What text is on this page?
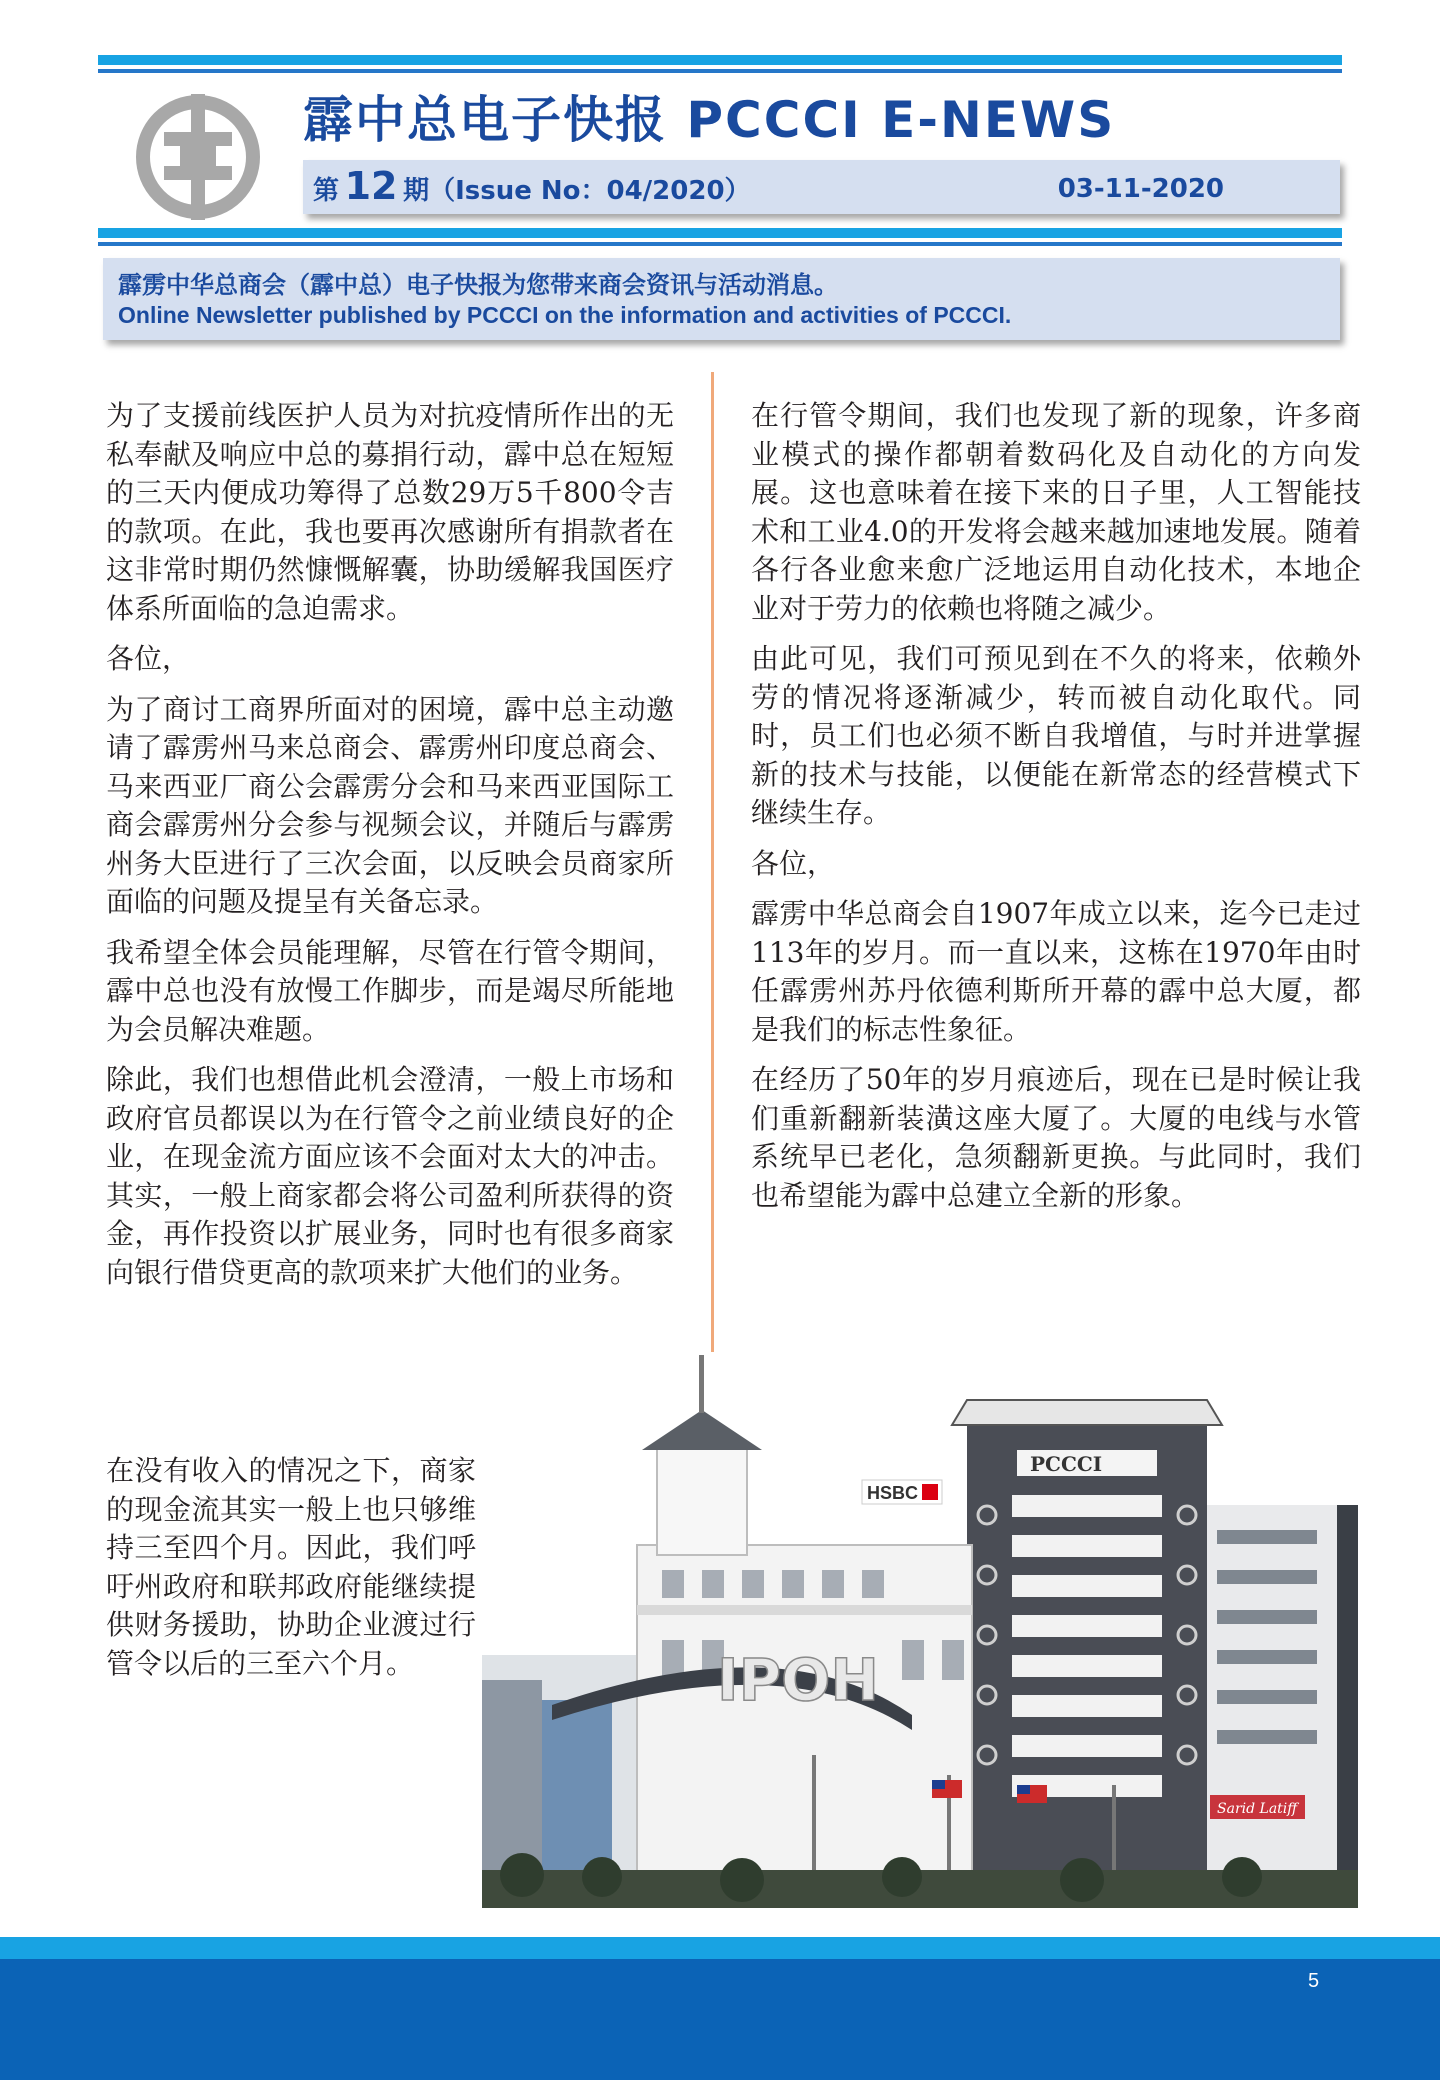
霹中总电子快报 PCCCI E-NEWS
第 12 期（Issue No：04/2020）	03-11-2020
霹雳中华总商会（霹中总）电子快报为您带来商会资讯与活动消息。
Online Newsletter published by PCCCI on the information and activities of PCCCI.

为了支援前线医护人员为对抗疫情所作出的无私奉献及响应中总的募捐行动，霹中总在短短的三天内便成功筹得了总数29万5千800令吉的款项。在此，我也要再次感谢所有捐款者在这非常时期仍然慷慨解囊，协助缓解我国医疗体系所面临的急迫需求。

各位，

为了商讨工商界所面对的困境，霹中总主动邀请了霹雳州马来总商会、霹雳州印度总商会、马来西亚厂商公会霹雳分会和马来西亚国际工商会霹雳州分会参与视频会议，并随后与霹雳州务大臣进行了三次会面，以反映会员商家所面临的问题及提呈有关备忘录。

我希望全体会员能理解，尽管在行管令期间，霹中总也没有放慢工作脚步，而是竭尽所能地为会员解决难题。

除此，我们也想借此机会澄清，一般上市场和政府官员都误以为在行管令之前业绩良好的企业，在现金流方面应该不会面对太大的冲击。其实，一般上商家都会将公司盈利所获得的资金，再作投资以扩展业务，同时也有很多商家向银行借贷更高的款项来扩大他们的业务。

在没有收入的情况之下，商家的现金流其实一般上也只够维持三至四个月。因此，我们呼吁州政府和联邦政府能继续提供财务援助，协助企业渡过行管令以后的三至六个月。

在行管令期间，我们也发现了新的现象，许多商业模式的操作都朝着数码化及自动化的方向发展。这也意味着在接下来的日子里，人工智能技术和工业4.0的开发将会越来越加速地发展。随着各行各业愈来愈广泛地运用自动化技术，本地企业对于劳力的依赖也将随之减少。

由此可见，我们可预见到在不久的将来，依赖外劳的情况将逐渐减少，转而被自动化取代。同时，员工们也必须不断自我增值，与时并进掌握新的技术与技能，以便能在新常态的经营模式下继续生存。

各位，

霹雳中华总商会自1907年成立以来，迄今已走过113年的岁月。而一直以来，这栋在1970年由时任霹雳州苏丹依德利斯所开幕的霹中总大厦，都是我们的标志性象征。

在经历了50年的岁月痕迹后，现在已是时候让我们重新翻新装潢这座大厦了。大厦的电线与水管系统早已老化，急须翻新更换。与此同时，我们也希望能为霹中总建立全新的形象。

Sarid Latiff
PCCCI
HSBC
IPOH
5
